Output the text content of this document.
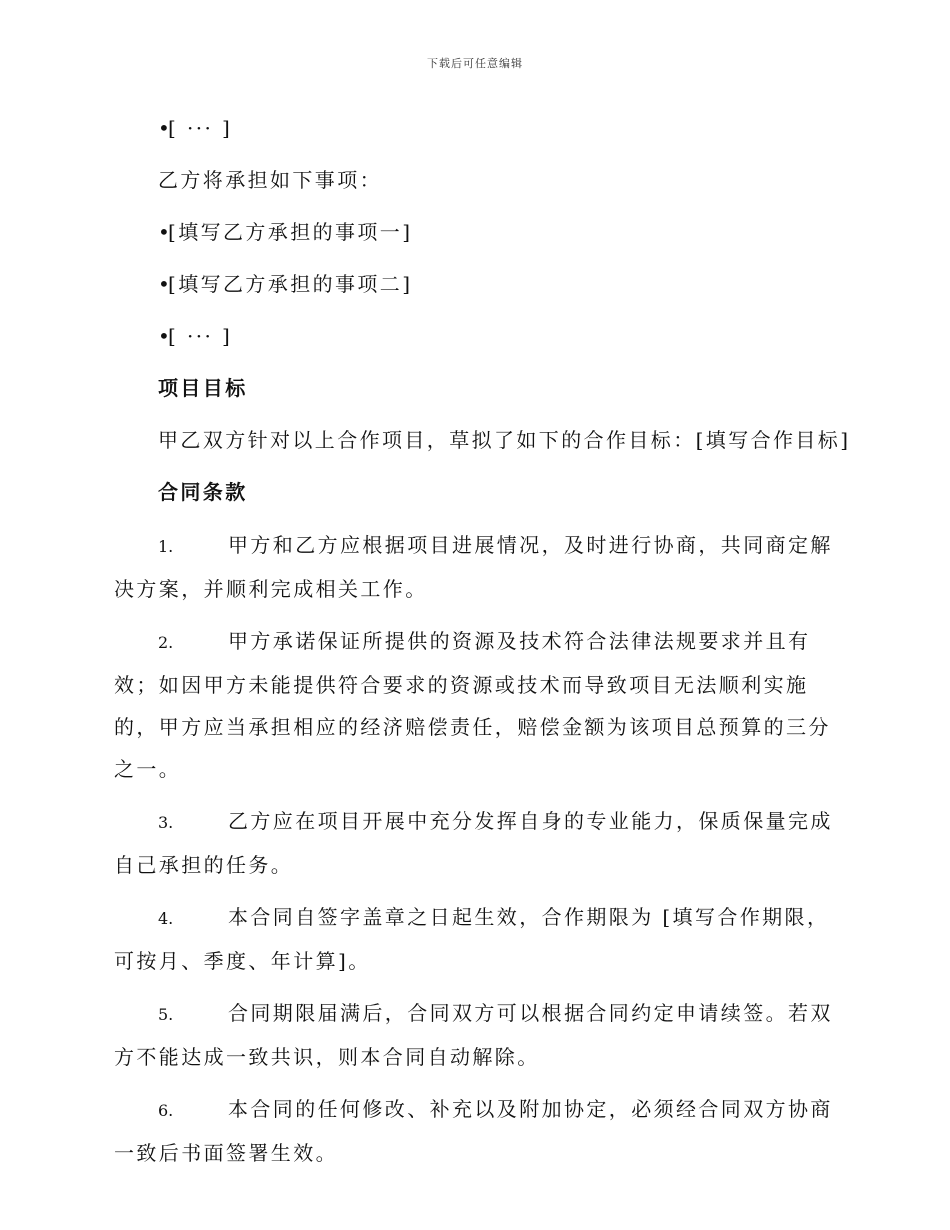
下载后可任意编辑
•[ ··· ]
乙方将承担如下事项：
•[填写乙方承担的事项一]
•[填写乙方承担的事项二]
•[ ··· ]
项目目标
甲乙双方针对以上合作项目，草拟了如下的合作目标：[填写合作目标]
合同条款
1.	甲方和乙方应根据项目进展情况，及时进行协商，共同商定解决方案，并顺利完成相关工作。
2.	甲方承诺保证所提供的资源及技术符合法律法规要求并且有效；如因甲方未能提供符合要求的资源或技术而导致项目无法顺利实施的，甲方应当承担相应的经济赔偿责任，赔偿金额为该项目总预算的三分之一。
3.	乙方应在项目开展中充分发挥自身的专业能力，保质保量完成自己承担的任务。
4.	本合同自签字盖章之日起生效，合作期限为 [填写合作期限，可按月、季度、年计算]。
5.	合同期限届满后，合同双方可以根据合同约定申请续签。若双方不能达成一致共识，则本合同自动解除。
6.	本合同的任何修改、补充以及附加协定，必须经合同双方协商一致后书面签署生效。
